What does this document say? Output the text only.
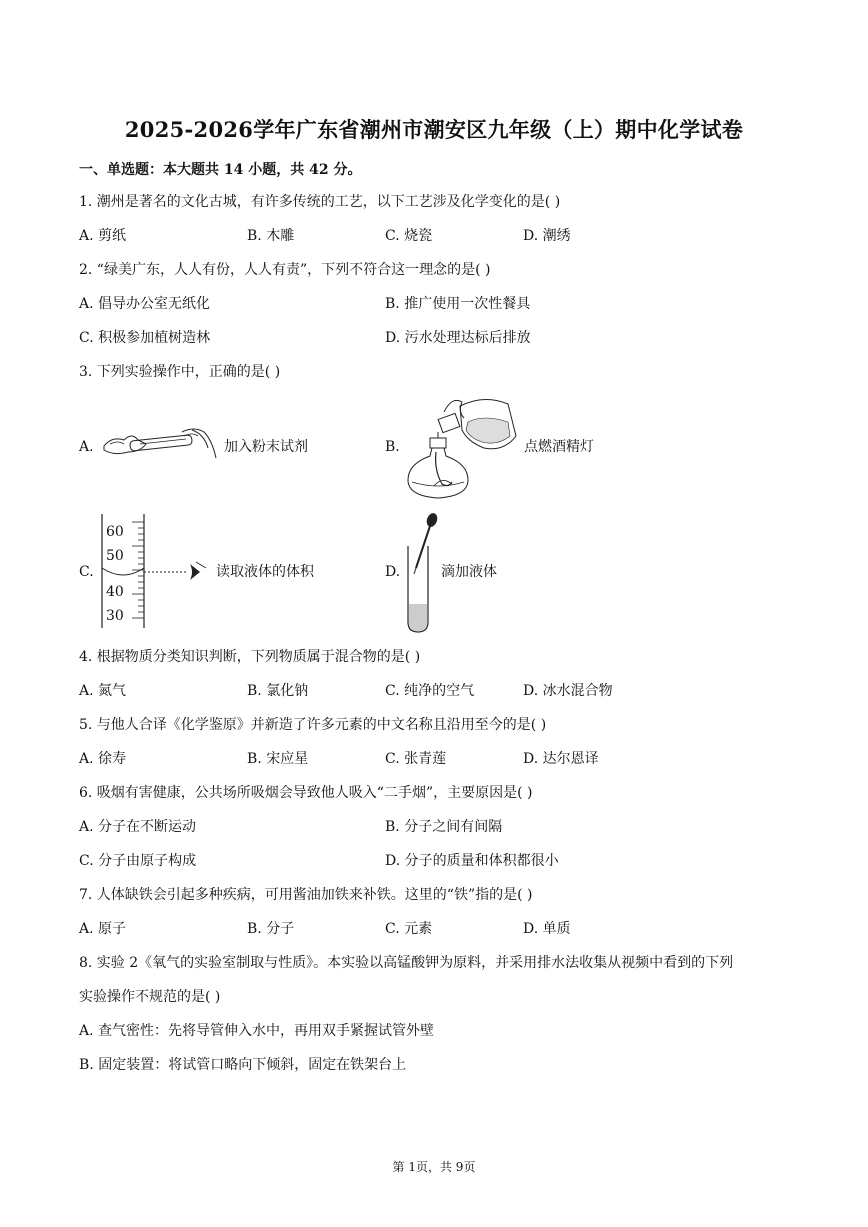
2025-2026学年广东省潮州市潮安区九年级（上）期中化学试卷
一、单选题：本大题共 14 小题，共 42 分。
1. 潮州是著名的文化古城，有许多传统的工艺，以下工艺涉及化学变化的是( )
A. 剪纸	B. 木雕	C. 烧瓷	D. 潮绣
2. “绿美广东，人人有份，人人有责”，下列不符合这一理念的是( )
A. 倡导办公室无纸化	B. 推广使用一次性餐具
C. 积极参加植树造林	D. 污水处理达标后排放
3. 下列实验操作中，正确的是( )
A.	加入粉末试剂	B.	点燃酒精灯
C.
60
50
40
30
读取液体的体积	D.	滴加液体
4. 根据物质分类知识判断，下列物质属于混合物的是( )
A. 氮气	B. 氯化钠	C. 纯净的空气	D. 冰水混合物
5. 与他人合译《化学鉴原》并新造了许多元素的中文名称且沿用至今的是( )
A. 徐寿	B. 宋应星	C. 张青莲	D. 达尔恩译
6. 吸烟有害健康，公共场所吸烟会导致他人吸入“二手烟”，主要原因是( )
A. 分子在不断运动	B. 分子之间有间隔
C. 分子由原子构成	D. 分子的质量和体积都很小
7. 人体缺铁会引起多种疾病，可用酱油加铁来补铁。这里的“铁”指的是( )
A. 原子	B. 分子	C. 元素	D. 单质
8. 实验 2《氧气的实验室制取与性质》。本实验以高锰酸钾为原料，并采用排水法收集从视频中看到的下列
实验操作不规范的是( )
A. 查气密性：先将导管伸入水中，再用双手紧握试管外壁
B. 固定装置：将试管口略向下倾斜，固定在铁架台上
第 1页，共 9页
